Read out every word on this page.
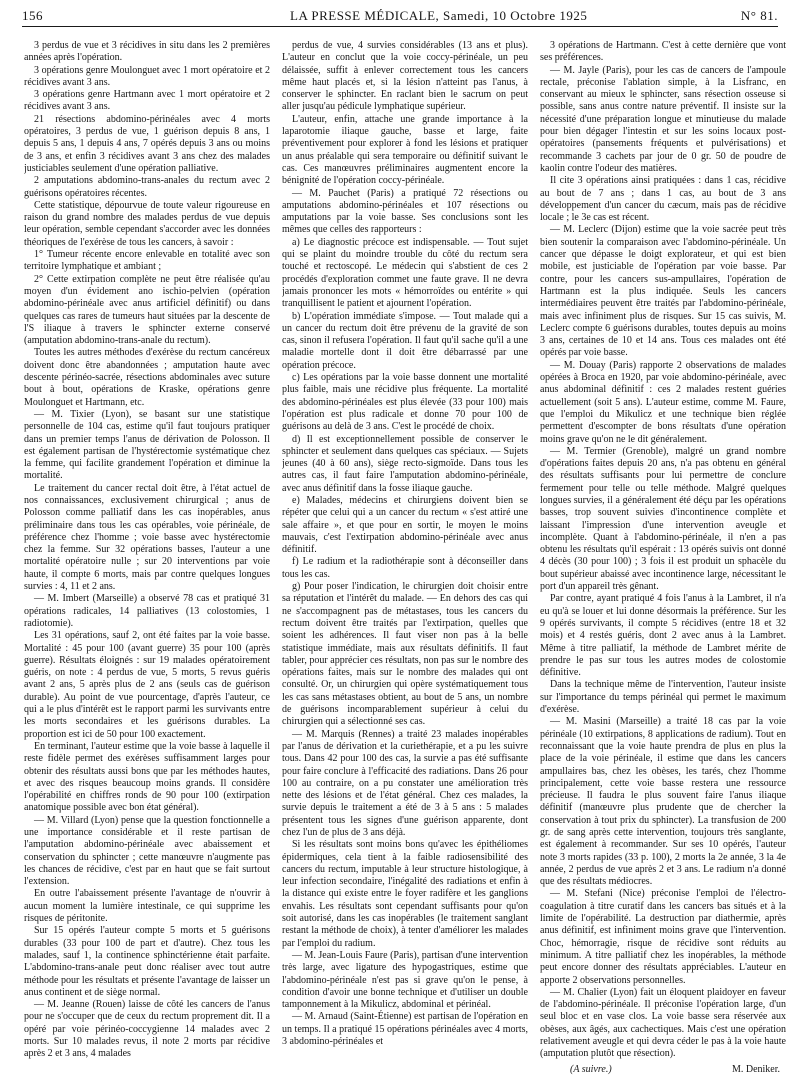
156	LA PRESSE MÉDICALE, Samedi, 10 Octobre 1925	N° 81.

3 perdus de vue et 3 récidives in situ dans les 2 premières années après l'opération.

3 opérations genre Moulonguet avec 1 mort opératoire et 2 récidives avant 3 ans.

3 opérations genre Hartmann avec 1 mort opératoire et 2 récidives avant 3 ans.

21 résections abdomino-périnéales avec 4 morts opératoires, 3 perdus de vue, 1 guérison depuis 8 ans, 1 depuis 5 ans, 1 depuis 4 ans, 7 opérés depuis 3 ans ou moins de 3 ans, et enfin 3 récidives avant 3 ans chez des malades justiciables seulement d'une opération palliative.

2 amputations abdomino-trans-anales du rectum avec 2 guérisons opératoires récentes.

Cette statistique, dépourvue de toute valeur rigoureuse en raison du grand nombre des malades perdus de vue depuis leur opération, semble cependant s'accorder avec les données théoriques de l'exérèse de tous les cancers, à savoir :

1° Tumeur récente encore enlevable en totalité avec son territoire lymphatique et ambiant ;

2° Cette extirpation complète ne peut être réalisée qu'au moyen d'un évidement ano ischio-pelvien (opération abdomino-périnéale avec anus artificiel définitif) ou dans quelques cas rares de tumeurs haut situées par la descente de l'S iliaque à travers le sphincter externe conservé (amputation abdomino-trans-anale du rectum).

Toutes les autres méthodes d'exérèse du rectum cancéreux doivent donc être abandonnées ; amputation haute avec descente périnéo-sacrée, résections abdominales avec suture bout à bout, opérations de Kraske, opérations genre Moulonguet et Hartmann, etc.

— M. Tixier (Lyon), se basant sur une statistique personnelle de 104 cas, estime qu'il faut toujours pratiquer dans un premier temps l'anus de dérivation de Polosson. Il est également partisan de l'hystérectomie systématique chez la femme, qui facilite grandement l'opération et diminue la mortalité.

Le traitement du cancer rectal doit être, à l'état actuel de nos connaissances, exclusivement chirurgical ; anus de Polosson comme palliatif dans les cas inopérables, anus préliminaire dans tous les cas opérables, voie périnéale, de préférence chez l'homme ; voie basse avec hystérectomie chez la femme. Sur 32 opérations basses, l'auteur a une mortalité opératoire nulle ; sur 20 interventions par voie haute, il compte 6 morts, mais par contre quelques longues survies : 4, 11 et 2 ans.

— M. Imbert (Marseille) a observé 78 cas et pratiqué 31 opérations radicales, 14 palliatives (13 colostomies, 1 radiotomie).

Les 31 opérations, sauf 2, ont été faites par la voie basse. Mortalité : 45 pour 100 (avant guerre) 35 pour 100 (après guerre). Résultats éloignés : sur 19 malades opératoirement guéris, on note : 4 perdus de vue, 5 morts, 5 revus guéris avant 2 ans, 5 après plus de 2 ans (seuls cas de guérison durable). Au point de vue pourcentage, d'après l'auteur, ce qui a le plus d'intérêt est le rapport parmi les survivants entre les morts secondaires et les guérisons durables. La proportion est ici de 50 pour 100 exactement.

En terminant, l'auteur estime que la voie basse à laquelle il reste fidèle permet des exérèses suffisamment larges pour obtenir des résultats aussi bons que par les méthodes hautes, et avec des risques beaucoup moins grands. Il considère l'opérabilité en chiffres ronds de 90 pour 100 (extirpation anatomique possible avec bon état général).

— M. Villard (Lyon) pense que la question fonctionnelle a une importance considérable et il reste partisan de l'amputation abdomino-périnéale avec abaissement et conservation du sphincter ; cette manœuvre n'augmente pas les chances de récidive, c'est par en haut que se fait surtout l'extension.

En outre l'abaissement présente l'avantage de n'ouvrir à aucun moment la lumière intestinale, ce qui supprime les risques de péritonite.

Sur 15 opérés l'auteur compte 5 morts et 5 guérisons durables (33 pour 100 de part et d'autre). Chez tous les malades, sauf 1, la continence sphinctérienne était parfaite. L'abdomino-trans-anale peut donc réaliser avec tout autre méthode pour les résultats et présente l'avantage de laisser un anus continent et de siège normal.

— M. Jeanne (Rouen) laisse de côté les cancers de l'anus pour ne s'occuper que de ceux du rectum proprement dit. Il a opéré par voie périnéo-coccygienne 14 malades avec 2 morts. Sur 10 malades revus, il note 2 morts par récidive après 2 et 3 ans, 4 malades

perdus de vue, 4 survies considérables (13 ans et plus). L'auteur en conclut que la voie coccy-périnéale, un peu délaissée, suffit à enlever correctement tous les cancers même haut placés et, si la lésion n'atteint pas l'anus, à conserver le sphincter. En raclant bien le sacrum on peut aller jusqu'au pédicule lymphatique supérieur.

L'auteur, enfin, attache une grande importance à la laparotomie iliaque gauche, basse et large, faite préventivement pour explorer à fond les lésions et pratiquer un anus préalable qui sera temporaire ou définitif suivant le cas. Ces manœuvres préliminaires augmentent encore la bénignité de l'opération coccy-périnéale.

— M. Pauchet (Paris) a pratiqué 72 résections ou amputations abdomino-périnéales et 107 résections ou amputations par la voie basse. Ses conclusions sont les mêmes que celles des rapporteurs :

a) Le diagnostic précoce est indispensable. — Tout sujet qui se plaint du moindre trouble du côté du rectum sera touché et rectoscopé. Le médecin qui s'abstient de ces 2 procédés d'exploration commet une faute grave. Il ne devra jamais prononcer les mots « hémorroïdes ou entérite » qui tranquillisent le patient et ajournent l'opération.

b) L'opération immédiate s'impose. — Tout malade qui a un cancer du rectum doit être prévenu de la gravité de son cas, sinon il refusera l'opération. Il faut qu'il sache qu'il a une maladie mortelle dont il doit être débarrassé par une opération précoce.

c) Les opérations par la voie basse donnent une mortalité plus faible, mais une récidive plus fréquente. La mortalité des abdomino-périnéales est plus élevée (33 pour 100) mais l'opération est plus radicale et donne 70 pour 100 de guérisons au delà de 3 ans. C'est le procédé de choix.

d) Il est exceptionnellement possible de conserver le sphincter et seulement dans quelques cas spéciaux. — Sujets jeunes (40 à 60 ans), siège recto-sigmoïde. Dans tous les autres cas, il faut faire l'amputation abdomino-périnéale, avec anus définitif dans la fosse iliaque gauche.

e) Malades, médecins et chirurgiens doivent bien se répéter que celui qui a un cancer du rectum « s'est attiré une sale affaire », et que pour en sortir, le moyen le moins mauvais, c'est l'extirpation abdomino-périnéale avec anus définitif.

f) Le radium et la radiothérapie sont à déconseiller dans tous les cas.

g) Pour poser l'indication, le chirurgien doit choisir entre sa réputation et l'intérêt du malade. — En dehors des cas qui ne s'accompagnent pas de métastases, tous les cancers du rectum doivent être traités par l'extirpation, quelles que soient les adhérences. Il faut viser non pas à la belle statistique immédiate, mais aux résultats définitifs. Il faut tabler, pour apprécier ces résultats, non pas sur le nombre des opérations faites, mais sur le nombre des malades qui ont consulté. Or, un chirurgien qui opère systématiquement tous les cas sans métastases obtient, au bout de 5 ans, un nombre de guérisons incomparablement supérieur à celui du chirurgien qui a sélectionné ses cas.

— M. Marquis (Rennes) a traité 23 malades inopérables par l'anus de dérivation et la curiethérapie, et a pu les suivre tous. Dans 42 pour 100 des cas, la survie a pas été suffisante pour faire conclure à l'efficacité des radiations. Dans 26 pour 100 au contraire, on a pu constater une amélioration très nette des lésions et de l'état général. Chez ces malades, la survie depuis le traitement a été de 3 à 5 ans : 5 malades présentent tous les signes d'une guérison apparente, dont chez l'un de plus de 3 ans déjà.

Si les résultats sont moins bons qu'avec les épithéliomes épidermiques, cela tient à la faible radiosensibilité des cancers du rectum, imputable à leur structure histologique, à leur infection secondaire, l'inégalité des radiations et enfin à la distance qui existe entre le foyer radifère et les ganglions envahis. Les résultats sont cependant suffisants pour qu'on soit autorisé, dans les cas inopérables (le traitement sanglant restant la méthode de choix), à tenter d'améliorer les malades par l'emploi du radium.

— M. Jean-Louis Faure (Paris), partisan d'une intervention très large, avec ligature des hypogastriques, estime que l'abdomino-périnéale n'est pas si grave qu'on le pense, à condition d'avoir une bonne technique et d'utiliser un double tamponnement à la Mikulicz, abdominal et périnéal.

— M. Arnaud (Saint-Étienne) est partisan de l'opération en un temps. Il a pratiqué 15 opérations périnéales avec 4 morts, 3 abdomino-périnéales et

3 opérations de Hartmann. C'est à cette dernière que vont ses préférences.

— M. Jayle (Paris), pour les cas de cancers de l'ampoule rectale, préconise l'ablation simple, à la Lisfranc, en conservant au mieux le sphincter, sans résection osseuse si possible, sans anus contre nature préventif. Il insiste sur la nécessité d'une préparation longue et minutieuse du malade pour bien dégager l'intestin et sur les soins locaux post-opératoires (pansements fréquents et pulvérisations) et recommande 3 cachets par jour de 0 gr. 50 de poudre de kaolin contre l'odeur des matières.

Il cite 3 opérations ainsi pratiquées : dans 1 cas, récidive au bout de 7 ans ; dans 1 cas, au bout de 3 ans développement d'un cancer du cæcum, mais pas de récidive locale ; le 3e cas est récent.

— M. Leclerc (Dijon) estime que la voie sacrée peut très bien soutenir la comparaison avec l'abdomino-périnéale. Un cancer que dépasse le doigt explorateur, et qui est bien mobile, est justiciable de l'opération par voie basse. Par contre, pour les cancers sus-ampullaires, l'opération de Hartmann est la plus indiquée. Seuls les cancers intermédiaires peuvent être traités par l'abdomino-périnéale, mais avec infiniment plus de risques. Sur 15 cas suivis, M. Leclerc compte 6 guérisons durables, toutes depuis au moins 3 ans, certaines de 10 et 14 ans. Tous ces malades ont été opérés par voie basse.

— M. Douay (Paris) rapporte 2 observations de malades opérées à Broca en 1920, par voie abdomino-périnéale, avec anus abdominal définitif : ces 2 malades restent guéries actuellement (soit 5 ans). L'auteur estime, comme M. Faure, que l'emploi du Mikulicz et une technique bien réglée permettent d'escompter de bons résultats d'une opération moins grave qu'on ne le dit généralement.

— M. Termier (Grenoble), malgré un grand nombre d'opérations faites depuis 20 ans, n'a pas obtenu en général des résultats suffisants pour lui permettre de conclure fermement pour telle ou telle méthode. Malgré quelques longues survies, il a généralement été déçu par les opérations basses, trop souvent suivies d'incontinence complète et laissant l'impression d'une intervention aveugle et incomplète. Quant à l'abdomino-périnéale, il n'en a pas obtenu les résultats qu'il espérait : 13 opérés suivis ont donné 4 décès (30 pour 100) ; 3 fois il est produit un sphacèle du bout supérieur abaissé avec incontinence large, nécessitant le port d'un appareil très gênant.

Par contre, ayant pratiqué 4 fois l'anus à la Lambret, il n'a eu qu'à se louer et lui donne désormais la préférence. Sur les 9 opérés survivants, il compte 5 récidives (entre 18 et 32 mois) et 4 restés guéris, dont 2 avec anus à la Lambret. Même à titre palliatif, la méthode de Lambret mérite de prendre le pas sur tous les autres modes de colostomie définitive.

Dans la technique même de l'intervention, l'auteur insiste sur l'importance du temps périnéal qui permet le maximum d'exérèse.

— M. Masini (Marseille) a traité 18 cas par la voie périnéale (10 extirpations, 8 applications de radium). Tout en reconnaissant que la voie haute prendra de plus en plus la place de la voie périnéale, il estime que dans les cancers ampullaires bas, chez les obèses, les tarés, chez l'homme principalement, cette voie basse restera une ressource précieuse. Il faudra le plus souvent faire l'anus iliaque définitif (manœuvre plus prudente que de chercher la conservation à tout prix du sphincter). La transfusion de 200 gr. de sang après cette intervention, toujours très sanglante, est également à recommander. Sur ses 10 opérés, l'auteur note 3 morts rapides (33 p. 100), 2 morts la 2e année, 3 la 4e année, 2 perdus de vue après 2 et 3 ans. Le radium n'a donné que des résultats médiocres.

— M. Stefani (Nice) préconise l'emploi de l'électro-coagulation à titre curatif dans les cancers bas situés et à la limite de l'opérabilité. La destruction par diathermie, après anus définitif, est infiniment moins grave que l'intervention. Choc, hémorragie, risque de récidive sont réduits au minimum. A titre palliatif chez les inopérables, la méthode peut encore donner des résultats appréciables. L'auteur en apporte 2 observations personnelles.

— M. Chalier (Lyon) fait un éloquent plaidoyer en faveur de l'abdomino-périnéale. Il préconise l'opération large, d'un seul bloc et en vase clos. La voie basse sera réservée aux obèses, aux âgés, aux cachectiques. Mais c'est une opération relativement aveugle et qui devra céder le pas à la voie haute (amputation plutôt que résection).

(A suivre.)	M. Deniker.
